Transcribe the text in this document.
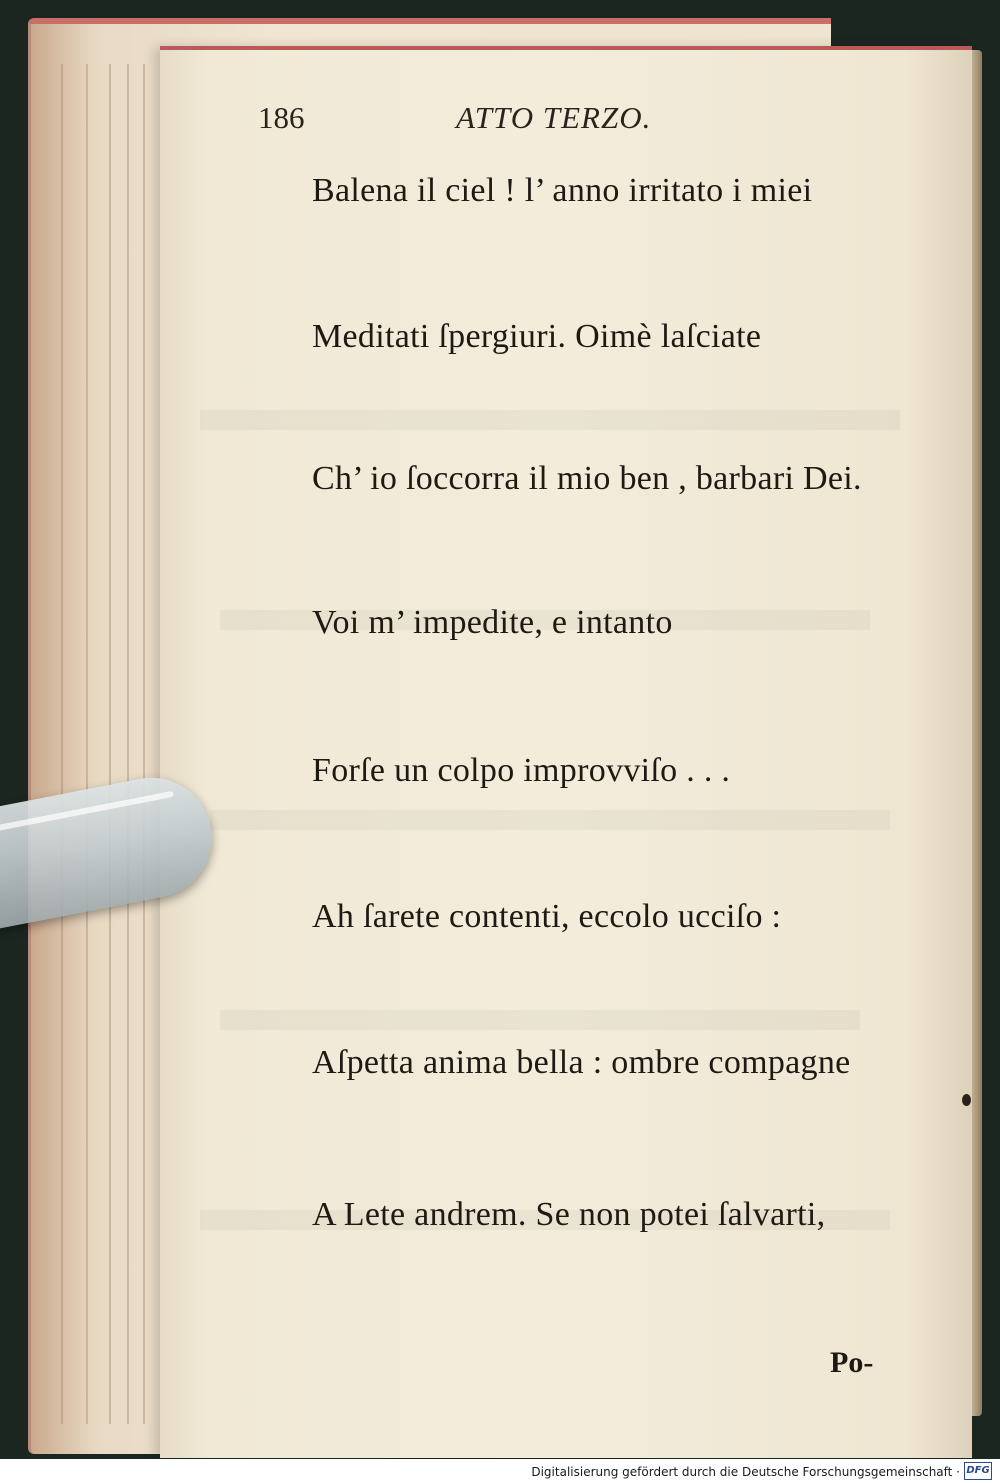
186	ATTO TERZO.
Balena il ciel ! l’ anno irritato i miei
Meditati ſpergiuri. Oimè laſciate
Ch’ io ſoccorra il mio ben , barbari Dei.
Voi m’ impedite, e intanto
Forſe un colpo improvviſo . . .
Ah ſarete contenti, eccolo ucciſo :
Aſpetta anima bella : ombre compagne
A Lete andrem. Se non potei ſalvarti,
Po-
Digitalisierung gefördert durch die Deutsche Forschungsgemeinschaft · DFG
